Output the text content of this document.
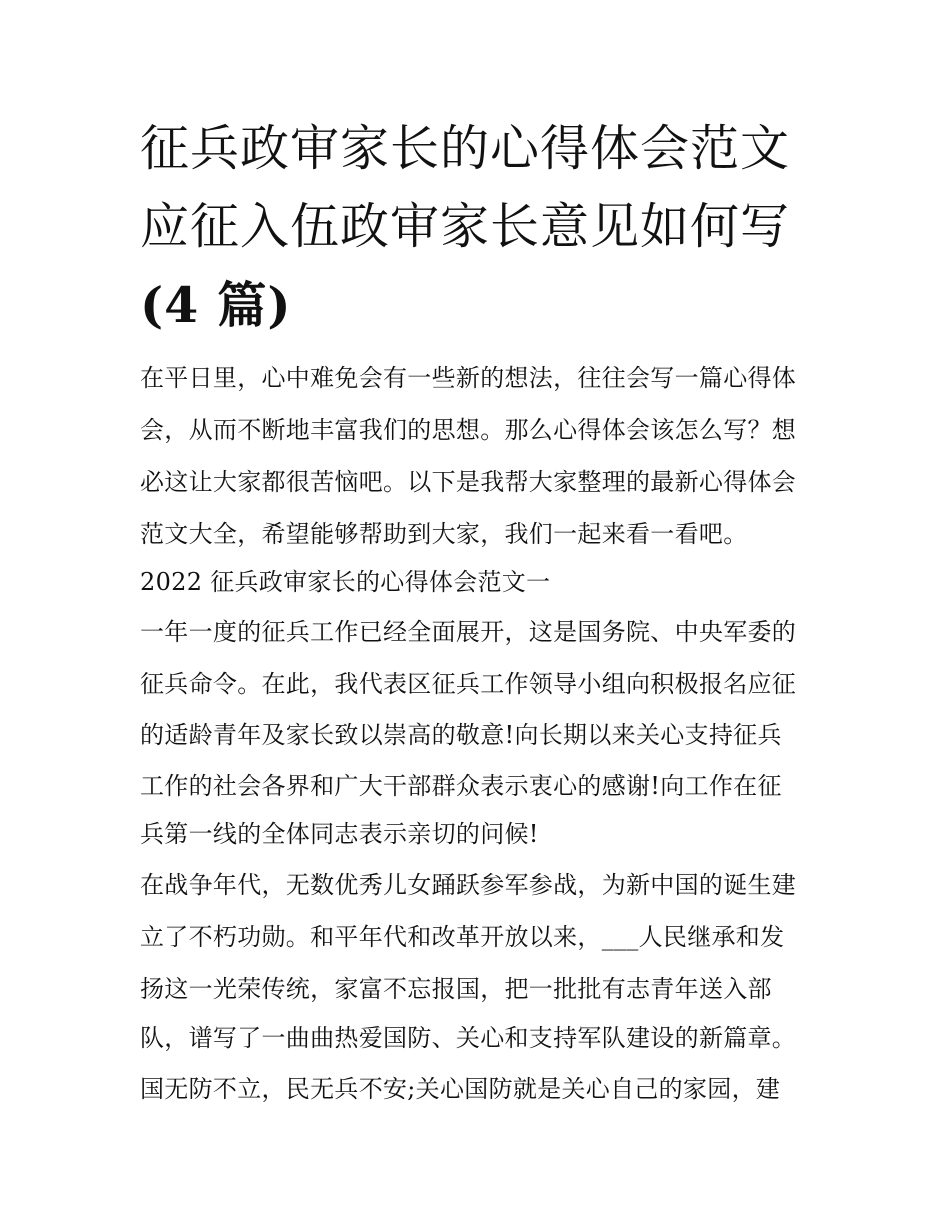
征兵政审家长的心得体会范文
应征入伍政审家长意见如何写
(4 篇)

在平日里，心中难免会有一些新的想法，往往会写一篇心得体

会，从而不断地丰富我们的思想。那么心得体会该怎么写？想

必这让大家都很苦恼吧。以下是我帮大家整理的最新心得体会

范文大全，希望能够帮助到大家，我们一起来看一看吧。

2022 征兵政审家长的心得体会范文一

一年一度的征兵工作已经全面展开，这是国务院、中央军委的

征兵命令。在此，我代表区征兵工作领导小组向积极报名应征

的适龄青年及家长致以崇高的敬意!向长期以来关心支持征兵

工作的社会各界和广大干部群众表示衷心的感谢!向工作在征

兵第一线的全体同志表示亲切的问候!

在战争年代，无数优秀儿女踊跃参军参战，为新中国的诞生建

立了不朽功勋。和平年代和改革开放以来，___人民继承和发

扬这一光荣传统，家富不忘报国，把一批批有志青年送入部

队，谱写了一曲曲热爱国防、关心和支持军队建设的新篇章。

国无防不立，民无兵不安;关心国防就是关心自己的家园，建
